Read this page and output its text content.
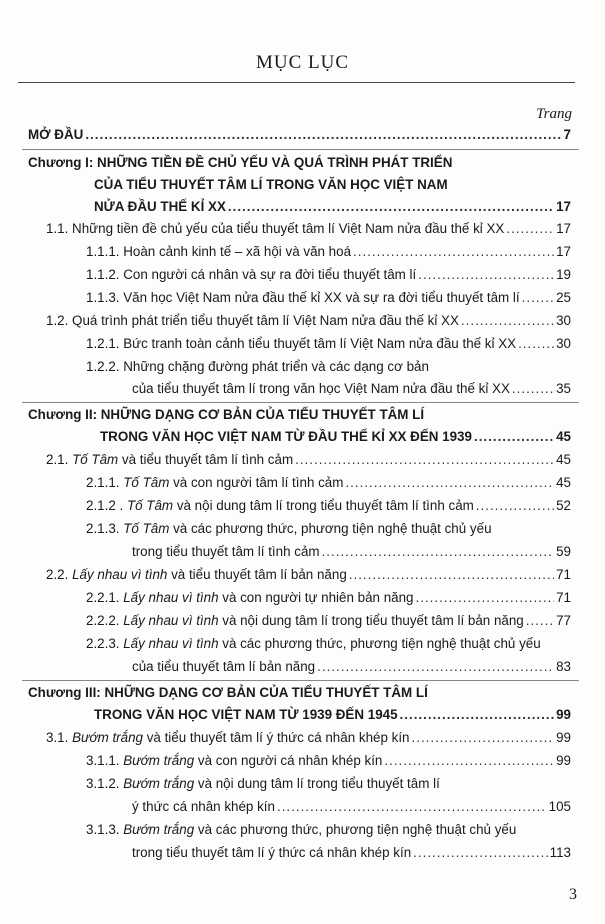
MỤC LỤC
Trang
MỞ ĐẦU .....	7
Chương I: NHỮNG TIỀN ĐỀ CHỦ YẾU VÀ QUÁ TRÌNH PHÁT TRIỂN
CỦA TIỂU THUYẾT TÂM LÍ TRONG VĂN HỌC VIỆT NAM
NỬA ĐẦU THẾ KỈ XX .....	17
1.1. Những tiền đề chủ yếu của tiểu thuyết tâm lí Việt Nam nửa đầu thế kỉ XX .....	17
1.1.1. Hoàn cảnh kinh tế – xã hội và văn hoá .....	17
1.1.2. Con người cá nhân và sự ra đời tiểu thuyết tâm lí .....	19
1.1.3. Văn học Việt Nam nửa đầu thế kỉ XX và sự ra đời tiểu thuyết tâm lí .....	25
1.2. Quá trình phát triển tiểu thuyết tâm lí Việt Nam nửa đầu thế kỉ XX .....	30
1.2.1. Bức tranh toàn cảnh tiểu thuyết tâm lí Việt Nam nửa đầu thế kỉ XX .....	30
1.2.2. Những chặng đường phát triển và các dạng cơ bản
của tiểu thuyết tâm lí trong văn học Việt Nam nửa đầu thế kỉ XX .....	35
Chương II: NHỮNG DẠNG CƠ BẢN CỦA TIỂU THUYẾT TÂM LÍ
TRONG VĂN HỌC VIỆT NAM TỪ ĐẦU THẾ KỈ XX ĐẾN 1939 .....	45
2.1. Tố Tâm và tiểu thuyết tâm lí tình cảm .....	45
2.1.1. Tố Tâm và con người tâm lí tình cảm .....	45
2.1.2 . Tố Tâm và nội dung tâm lí trong tiểu thuyết tâm lí tình cảm .....	52
2.1.3. Tố Tâm và các phương thức, phương tiện nghệ thuật chủ yếu
trong tiểu thuyết tâm lí tình cảm .....	59
2.2. Lấy nhau vì tình và tiểu thuyết tâm lí bản năng .....	71
2.2.1. Lấy nhau vì tình và con người tự nhiên bản năng .....	71
2.2.2. Lấy nhau vì tình và nội dung tâm lí trong tiểu thuyết tâm lí bản năng ..... 77
2.2.3. Lấy nhau vì tình và các phương thức, phương tiện nghệ thuật chủ yếu
của tiểu thuyết tâm lí bản năng .....	83
Chương III: NHỮNG DẠNG CƠ BẢN CỦA TIỂU THUYẾT TÂM LÍ
TRONG VĂN HỌC VIỆT NAM TỪ 1939 ĐẾN 1945 .....	99
3.1. Bướm trắng và tiểu thuyết tâm lí ý thức cá nhân khép kín .....	99
3.1.1. Bướm trắng và con người cá nhân khép kín .....	99
3.1.2. Bướm trắng và nội dung tâm lí trong tiểu thuyết tâm lí
ý thức cá nhân khép kín .....	105
3.1.3. Bướm trắng và các phương thức, phương tiện nghệ thuật chủ yếu
trong tiểu thuyết tâm lí ý thức cá nhân khép kín .....	113
3
